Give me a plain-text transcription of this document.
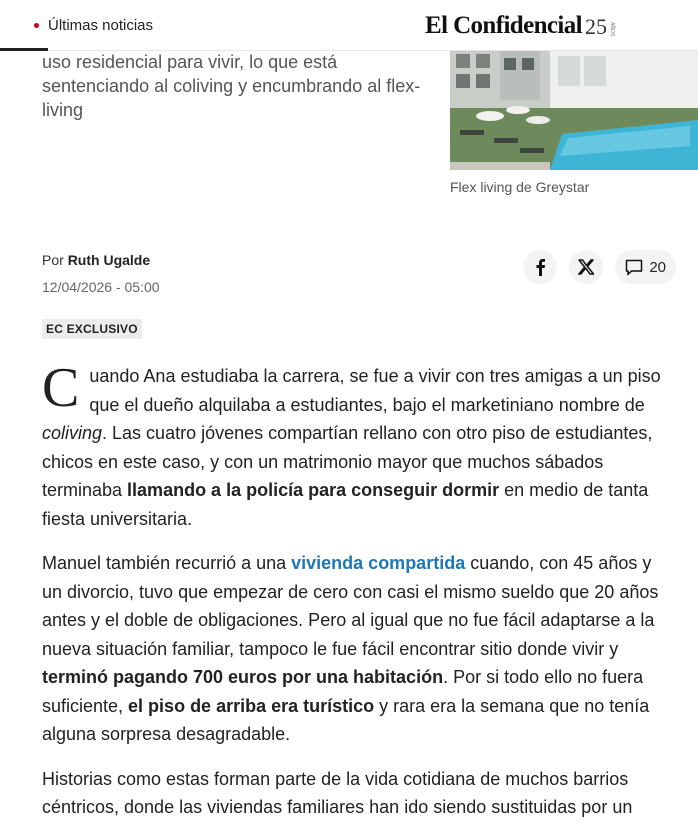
Últimas noticias	El Confidencial 25 AÑOS
uso residencial para vivir, lo que está sentenciando al coliving y encumbrando al flex-living
Flex living de Greystar
Por Ruth Ugalde
12/04/2026 - 05:00
20
EC EXCLUSIVO

Cuando Ana estudiaba la carrera, se fue a vivir con tres amigas a un piso que el dueño alquilaba a estudiantes, bajo el marketiniano nombre de coliving. Las cuatro jóvenes compartían rellano con otro piso de estudiantes, chicos en este caso, y con un matrimonio mayor que muchos sábados terminaba llamando a la policía para conseguir dormir en medio de tanta fiesta universitaria.

Manuel también recurrió a una vivienda compartida cuando, con 45 años y un divorcio, tuvo que empezar de cero con casi el mismo sueldo que 20 años antes y el doble de obligaciones. Pero al igual que no fue fácil adaptarse a la nueva situación familiar, tampoco le fue fácil encontrar sitio donde vivir y terminó pagando 700 euros por una habitación. Por si todo ello no fuera suficiente, el piso de arriba era turístico y rara era la semana que no tenía alguna sorpresa desagradable.

Historias como estas forman parte de la vida cotidiana de muchos barrios céntricos, donde las viviendas familiares han ido siendo sustituidas por un
